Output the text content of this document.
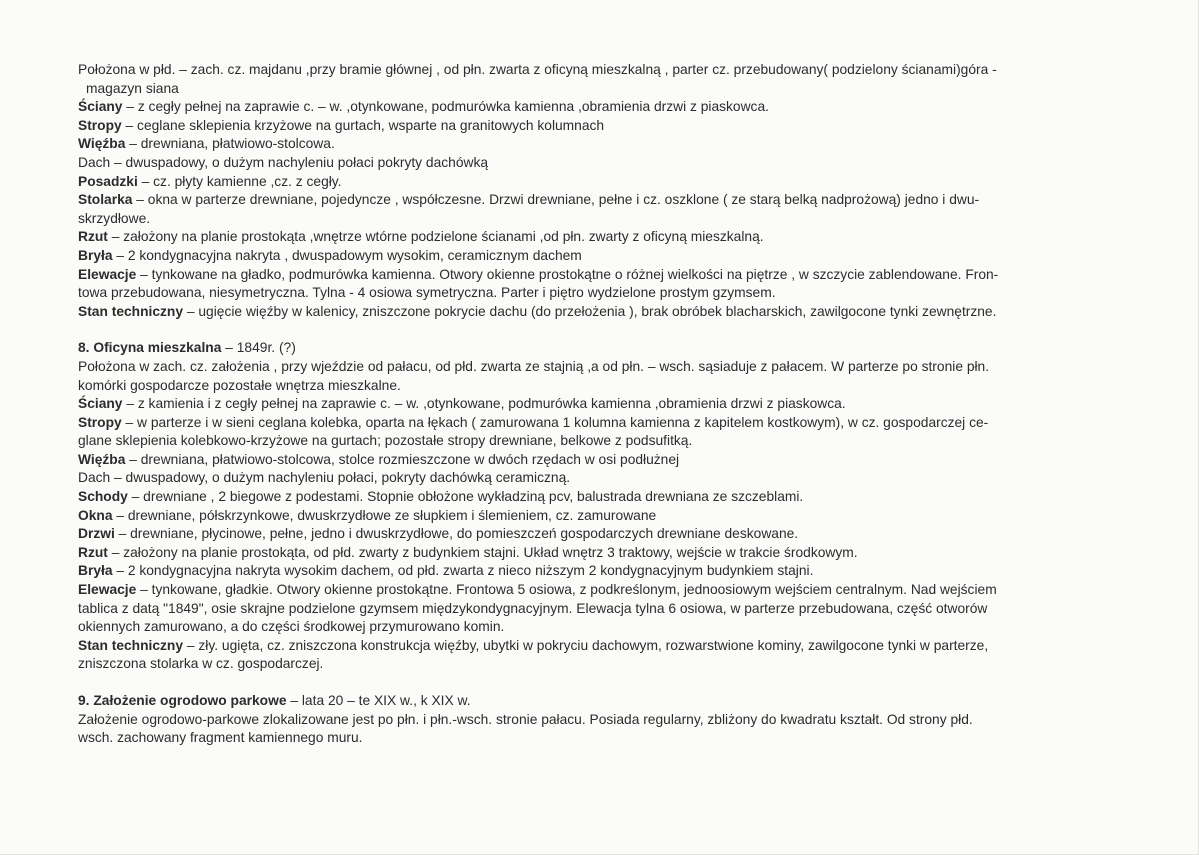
Położona w płd. – zach. cz. majdanu ,przy bramie głównej , od płn. zwarta z oficyną mieszkalną , parter cz. przebudowany( podzielony ścianami)góra -
magazyn siana
Ściany – z cegły pełnej na zaprawie c. – w. ,otynkowane, podmurówka kamienna ,obramienia drzwi z piaskowca.
Stropy – ceglane sklepienia krzyżowe na gurtach, wsparte na granitowych kolumnach
Więźba – drewniana, płatwiowo-stolcowa.
Dach – dwuspadowy, o dużym nachyleniu połaci pokryty dachówką
Posadzki – cz. płyty kamienne ,cz. z cegły.
Stolarka – okna w parterze drewniane, pojedyncze , współczesne. Drzwi drewniane, pełne i cz. oszklone ( ze starą belką nadprożową) jedno i dwu-
skrzydłowe.
Rzut – założony na planie prostokąta ,wnętrze wtórne podzielone ścianami ,od płn. zwarty z oficyną mieszkalną.
Bryła – 2 kondygnacyjna nakryta , dwuspadowym wysokim, ceramicznym dachem
Elewacje – tynkowane na gładko, podmurówka kamienna. Otwory okienne prostokątne o różnej wielkości na piętrze , w szczycie zablendowane. Fron-
towa przebudowana, niesymetryczna. Tylna - 4 osiowa symetryczna. Parter i piętro wydzielone prostym gzymsem.
Stan techniczny – ugięcie więźby w kalenicy, zniszczone pokrycie dachu (do przełożenia ), brak obróbek blacharskich, zawilgocone tynki zewnętrzne.
8. Oficyna mieszkalna – 1849r. (?)
Położona w zach. cz. założenia , przy wjeździe od pałacu, od płd. zwarta ze stajnią ,a od płn. – wsch. sąsiaduje z pałacem. W parterze po stronie płn.
komórki gospodarcze pozostałe wnętrza mieszkalne.
Ściany – z kamienia i z cegły pełnej na zaprawie c. – w. ,otynkowane, podmurówka kamienna ,obramienia drzwi z piaskowca.
Stropy – w parterze i w sieni ceglana kolebka, oparta na łękach ( zamurowana 1 kolumna kamienna z kapitelem kostkowym), w cz. gospodarczej ce-
glane sklepienia kolebkowo-krzyżowe na gurtach; pozostałe stropy drewniane, belkowe z podsufitką.
Więźba – drewniana, płatwiowo-stolcowa, stolce rozmieszczone w dwóch rzędach w osi podłużnej
Dach – dwuspadowy, o dużym nachyleniu połaci, pokryty dachówką ceramiczną.
Schody – drewniane , 2 biegowe z podestami. Stopnie obłożone wykładziną pcv, balustrada drewniana ze szczeblami.
Okna – drewniane, półskrzynkowe, dwuskrzydłowe ze słupkiem i ślemieniem, cz. zamurowane
Drzwi – drewniane, płycinowe, pełne, jedno i dwuskrzydłowe, do pomieszczeń gospodarczych drewniane deskowane.
Rzut – założony na planie prostokąta, od płd. zwarty z budynkiem stajni. Układ wnętrz 3 traktowy, wejście w trakcie środkowym.
Bryła – 2 kondygnacyjna nakryta wysokim dachem, od płd. zwarta z nieco niższym 2 kondygnacyjnym budynkiem stajni.
Elewacje – tynkowane, gładkie. Otwory okienne prostokątne. Frontowa 5 osiowa, z podkreślonym, jednoosiowym wejściem centralnym. Nad wejściem
tablica z datą "1849", osie skrajne podzielone gzymsem międzykondygnacyjnym. Elewacja tylna 6 osiowa, w parterze przebudowana, część otworów
okiennych zamurowano, a do części środkowej przymurowano komin.
Stan techniczny – zły. ugięta, cz. zniszczona konstrukcja więźby, ubytki w pokryciu dachowym, rozwarstwione kominy, zawilgocone tynki w parterze,
zniszczona stolarka w cz. gospodarczej.
9. Założenie ogrodowo parkowe – lata 20 – te XIX w., k XIX w.
Założenie ogrodowo-parkowe zlokalizowane jest po płn. i płn.-wsch. stronie pałacu. Posiada regularny, zbliżony do kwadratu kształt. Od strony płd.
wsch. zachowany fragment kamiennego muru.
